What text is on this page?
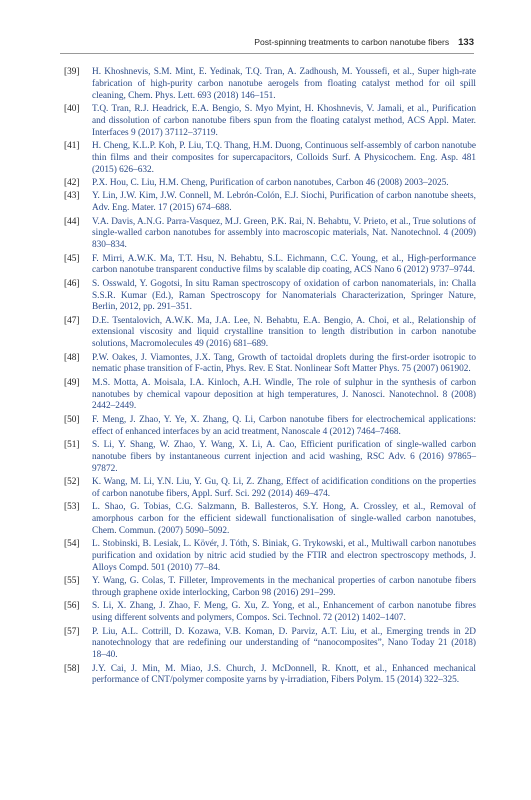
Post-spinning treatments to carbon nanotube fibers 133
[39] H. Khoshnevis, S.M. Mint, E. Yedinak, T.Q. Tran, A. Zadhoush, M. Youssefi, et al., Super high-rate fabrication of high-purity carbon nanotube aerogels from floating catalyst method for oil spill cleaning, Chem. Phys. Lett. 693 (2018) 146–151.
[40] T.Q. Tran, R.J. Headrick, E.A. Bengio, S. Myo Myint, H. Khoshnevis, V. Jamali, et al., Purification and dissolution of carbon nanotube fibers spun from the floating catalyst method, ACS Appl. Mater. Interfaces 9 (2017) 37112–37119.
[41] H. Cheng, K.L.P. Koh, P. Liu, T.Q. Thang, H.M. Duong, Continuous self-assembly of carbon nanotube thin films and their composites for supercapacitors, Colloids Surf. A Physicochem. Eng. Asp. 481 (2015) 626–632.
[42] P.X. Hou, C. Liu, H.M. Cheng, Purification of carbon nanotubes, Carbon 46 (2008) 2003–2025.
[43] Y. Lin, J.W. Kim, J.W. Connell, M. Lebrón-Colón, E.J. Siochi, Purification of carbon nanotube sheets, Adv. Eng. Mater. 17 (2015) 674–688.
[44] V.A. Davis, A.N.G. Parra-Vasquez, M.J. Green, P.K. Rai, N. Behabtu, V. Prieto, et al., True solutions of single-walled carbon nanotubes for assembly into macroscopic materials, Nat. Nanotechnol. 4 (2009) 830–834.
[45] F. Mirri, A.W.K. Ma, T.T. Hsu, N. Behabtu, S.L. Eichmann, C.C. Young, et al., High-performance carbon nanotube transparent conductive films by scalable dip coating, ACS Nano 6 (2012) 9737–9744.
[46] S. Osswald, Y. Gogotsi, In situ Raman spectroscopy of oxidation of carbon nanomaterials, in: Challa S.S.R. Kumar (Ed.), Raman Spectroscopy for Nanomaterials Characterization, Springer Nature, Berlin, 2012, pp. 291–351.
[47] D.E. Tsentalovich, A.W.K. Ma, J.A. Lee, N. Behabtu, E.A. Bengio, A. Choi, et al., Relationship of extensional viscosity and liquid crystalline transition to length distribution in carbon nanotube solutions, Macromolecules 49 (2016) 681–689.
[48] P.W. Oakes, J. Viamontes, J.X. Tang, Growth of tactoidal droplets during the first-order isotropic to nematic phase transition of F-actin, Phys. Rev. E Stat. Nonlinear Soft Matter Phys. 75 (2007) 061902.
[49] M.S. Motta, A. Moisala, I.A. Kinloch, A.H. Windle, The role of sulphur in the synthesis of carbon nanotubes by chemical vapour deposition at high temperatures, J. Nanosci. Nanotechnol. 8 (2008) 2442–2449.
[50] F. Meng, J. Zhao, Y. Ye, X. Zhang, Q. Li, Carbon nanotube fibers for electrochemical applications: effect of enhanced interfaces by an acid treatment, Nanoscale 4 (2012) 7464–7468.
[51] S. Li, Y. Shang, W. Zhao, Y. Wang, X. Li, A. Cao, Efficient purification of single-walled carbon nanotube fibers by instantaneous current injection and acid washing, RSC Adv. 6 (2016) 97865–97872.
[52] K. Wang, M. Li, Y.N. Liu, Y. Gu, Q. Li, Z. Zhang, Effect of acidification conditions on the properties of carbon nanotube fibers, Appl. Surf. Sci. 292 (2014) 469–474.
[53] L. Shao, G. Tobias, C.G. Salzmann, B. Ballesteros, S.Y. Hong, A. Crossley, et al., Removal of amorphous carbon for the efficient sidewall functionalisation of single-walled carbon nanotubes, Chem. Commun. (2007) 5090–5092.
[54] L. Stobinski, B. Lesiak, L. Kövér, J. Tóth, S. Biniak, G. Trykowski, et al., Multiwall carbon nanotubes purification and oxidation by nitric acid studied by the FTIR and electron spectroscopy methods, J. Alloys Compd. 501 (2010) 77–84.
[55] Y. Wang, G. Colas, T. Filleter, Improvements in the mechanical properties of carbon nanotube fibers through graphene oxide interlocking, Carbon 98 (2016) 291–299.
[56] S. Li, X. Zhang, J. Zhao, F. Meng, G. Xu, Z. Yong, et al., Enhancement of carbon nanotube fibres using different solvents and polymers, Compos. Sci. Technol. 72 (2012) 1402–1407.
[57] P. Liu, A.L. Cottrill, D. Kozawa, V.B. Koman, D. Parviz, A.T. Liu, et al., Emerging trends in 2D nanotechnology that are redefining our understanding of “nanocomposites”, Nano Today 21 (2018) 18–40.
[58] J.Y. Cai, J. Min, M. Miao, J.S. Church, J. McDonnell, R. Knott, et al., Enhanced mechanical performance of CNT/polymer composite yarns by γ-irradiation, Fibers Polym. 15 (2014) 322–325.
